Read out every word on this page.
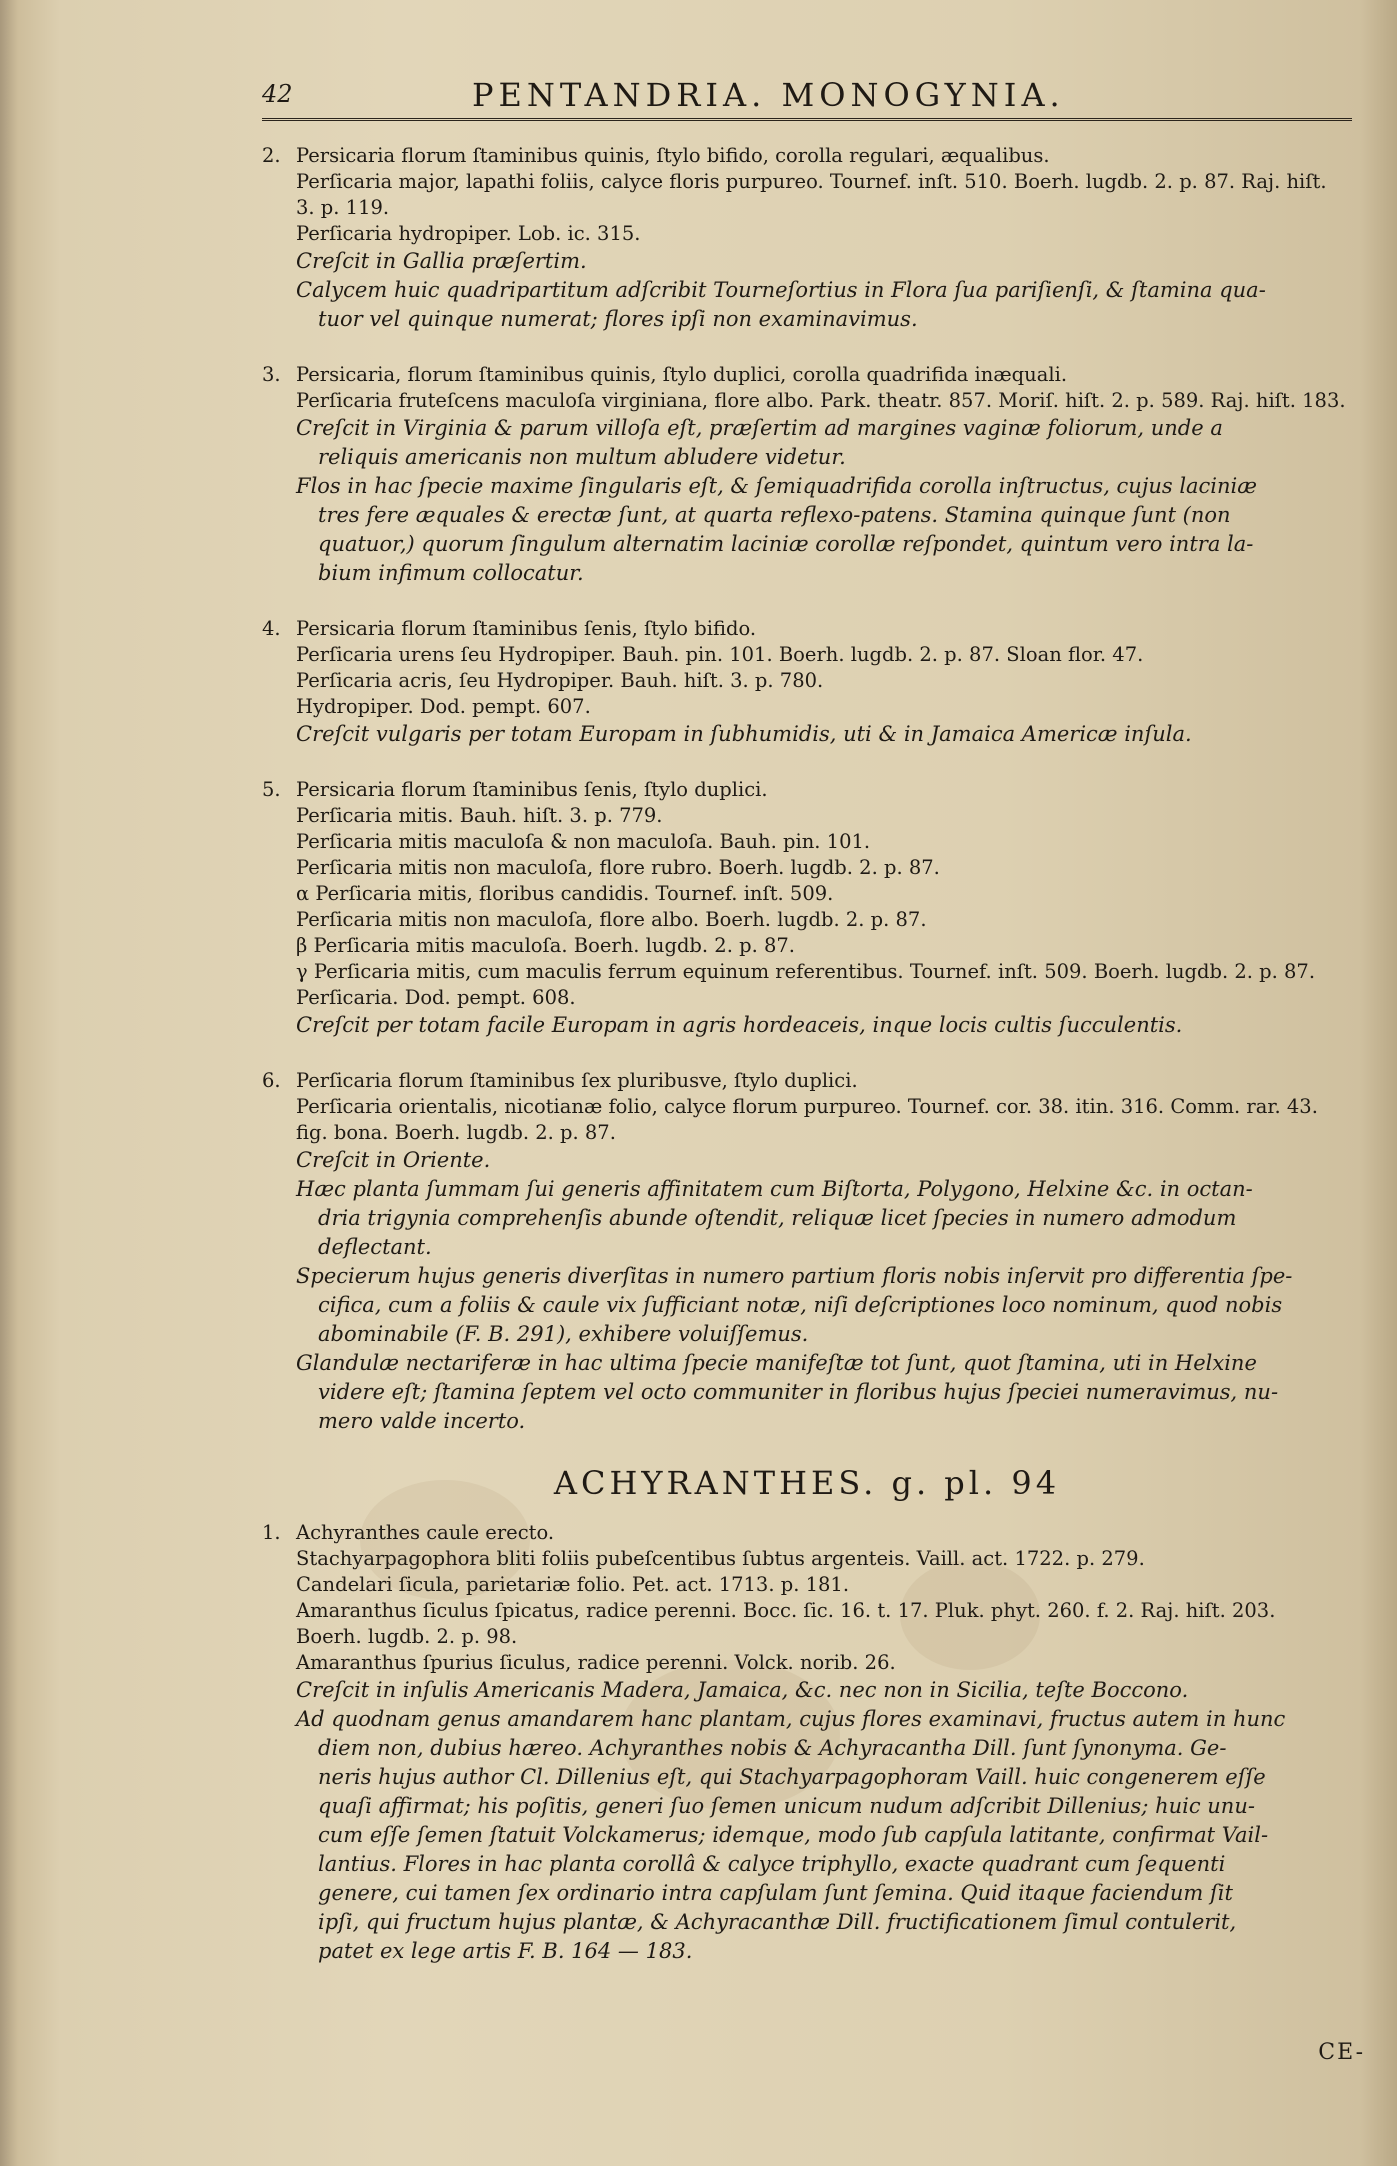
42	PENTANDRIA. MONOGYNIA.
2. Persicaria florum ſtaminibus quinis, ſtylo bifido, corolla regulari, æqualibus.
Perſicaria major, lapathi foliis, calyce floris purpureo. Tournef. inſt. 510. Boerh. lugdb. 2. p. 87. Raj. hiſt.
3. p. 119.
Perſicaria hydropiper. Lob. ic. 315.
Creſcit in Gallia præſertim.
Calycem huic quadripartitum adſcribit Tourneſortius in Flora ſua pariſienſi, & ſtamina qua-
tuor vel quinque numerat; flores ipſi non examinavimus.
3. Persicaria, florum ſtaminibus quinis, ſtylo duplici, corolla quadrifida inæquali.
Perſicaria fruteſcens maculoſa virginiana, flore albo. Park. theatr. 857. Moriſ. hiſt. 2. p. 589. Raj. hiſt. 183.
Creſcit in Virginia & parum villoſa eſt, præſertim ad margines vaginæ foliorum, unde a
reliquis americanis non multum abludere videtur.
Flos in hac ſpecie maxime ſingularis eſt, & ſemiquadrifida corolla inſtructus, cujus laciniæ
tres fere æquales & erectæ ſunt, at quarta reflexo-patens. Stamina quinque ſunt (non
quatuor,) quorum ſingulum alternatim laciniæ corollæ reſpondet, quintum vero intra la-
bium infimum collocatur.
4. Persicaria florum ſtaminibus ſenis, ſtylo bifido.
Perſicaria urens ſeu Hydropiper. Bauh. pin. 101. Boerh. lugdb. 2. p. 87. Sloan flor. 47.
Perſicaria acris, ſeu Hydropiper. Bauh. hiſt. 3. p. 780.
Hydropiper. Dod. pempt. 607.
Creſcit vulgaris per totam Europam in ſubhumidis, uti & in Jamaica Americæ inſula.
5. Persicaria florum ſtaminibus ſenis, ſtylo duplici.
Perſicaria mitis. Bauh. hiſt. 3. p. 779.
Perſicaria mitis maculoſa & non maculoſa. Bauh. pin. 101.
Perſicaria mitis non maculoſa, flore rubro. Boerh. lugdb. 2. p. 87.
α Perſicaria mitis, floribus candidis. Tournef. inſt. 509.
Perſicaria mitis non maculoſa, flore albo. Boerh. lugdb. 2. p. 87.
β Perſicaria mitis maculoſa. Boerh. lugdb. 2. p. 87.
γ Perſicaria mitis, cum maculis ferrum equinum referentibus. Tournef. inſt. 509. Boerh. lugdb. 2. p. 87.
Perſicaria. Dod. pempt. 608.
Creſcit per totam facile Europam in agris hordeaceis, inque locis cultis ſucculentis.
6. Perſicaria florum ſtaminibus ſex pluribusve, ſtylo duplici.
Perſicaria orientalis, nicotianæ folio, calyce florum purpureo. Tournef. cor. 38. itin. 316. Comm. rar. 43.
fig. bona. Boerh. lugdb. 2. p. 87.
Creſcit in Oriente.
Hæc planta ſummam ſui generis affinitatem cum Biſtorta, Polygono, Helxine &c. in octan-
dria trigynia comprehenſis abunde oſtendit, reliquæ licet ſpecies in numero admodum
deflectant.
Specierum hujus generis diverſitas in numero partium floris nobis inſervit pro differentia ſpe-
cifica, cum a foliis & caule vix ſufficiant notæ, niſi deſcriptiones loco nominum, quod nobis
abominabile (F. B. 291), exhibere voluiſſemus.
Glandulæ nectariferæ in hac ultima ſpecie manifeſtæ tot ſunt, quot ſtamina, uti in Helxine
videre eſt; ſtamina ſeptem vel octo communiter in floribus hujus ſpeciei numeravimus, nu-
mero valde incerto.
ACHYRANTHES. g. pl. 94
1. Achyranthes caule erecto.
Stachyarpagophora bliti foliis pubeſcentibus ſubtus argenteis. Vaill. act. 1722. p. 279.
Candelari ſicula, parietariæ folio. Pet. act. 1713. p. 181.
Amaranthus ſiculus ſpicatus, radice perenni. Bocc. ſic. 16. t. 17. Pluk. phyt. 260. f. 2. Raj. hiſt. 203.
Boerh. lugdb. 2. p. 98.
Amaranthus ſpurius ſiculus, radice perenni. Volck. norib. 26.
Creſcit in inſulis Americanis Madera, Jamaica, &c. nec non in Sicilia, teſte Boccono.
Ad quodnam genus amandarem hanc plantam, cujus flores examinavi, fructus autem in hunc
diem non, dubius hæreo. Achyranthes nobis & Achyracantha Dill. ſunt ſynonyma. Ge-
neris hujus author Cl. Dillenius eſt, qui Stachyarpagophoram Vaill. huic congenerem eſſe
quaſi affirmat; his poſitis, generi ſuo ſemen unicum nudum adſcribit Dillenius; huic unu-
cum eſſe ſemen ſtatuit Volckamerus; idemque, modo ſub capſula latitante, confirmat Vail-
lantius. Flores in hac planta corollâ & calyce triphyllo, exacte quadrant cum ſequenti
genere, cui tamen ſex ordinario intra capſulam ſunt ſemina. Quid itaque faciendum ſit
ipſi, qui fructum hujus plantæ, & Achyracanthæ Dill. fructificationem ſimul contulerit,
patet ex lege artis F. B. 164 — 183.
CE-
